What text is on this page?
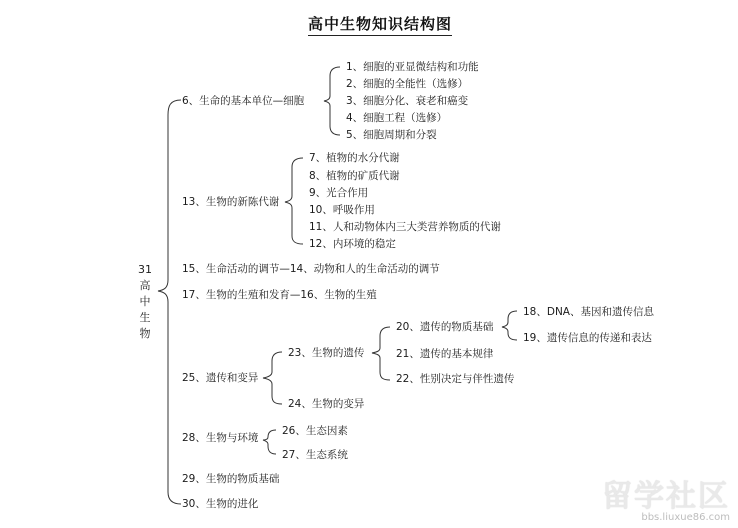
高中生物知识结构图
31
高
中
生
物
6、生命的基本单位—细胞
1、细胞的亚显微结构和功能
2、细胞的全能性（选修）
3、细胞分化、衰老和癌变
4、细胞工程（选修）
5、细胞周期和分裂
13、生物的新陈代谢
7、植物的水分代谢
8、植物的矿质代谢
9、光合作用
10、呼吸作用
11、人和动物体内三大类营养物质的代谢
12、内环境的稳定
15、生命活动的调节—14、动物和人的生命活动的调节
17、生物的生殖和发育—16、生物的生殖
25、遗传和变异
23、生物的遗传
24、生物的变异
20、遗传的物质基础
21、遗传的基本规律
22、性别决定与伴性遗传
18、DNA、基因和遗传信息
19、遗传信息的传递和表达
28、生物与环境
26、生态因素
27、生态系统
29、生物的物质基础
30、生物的进化	留学社区
bbs.liuxue86.com
